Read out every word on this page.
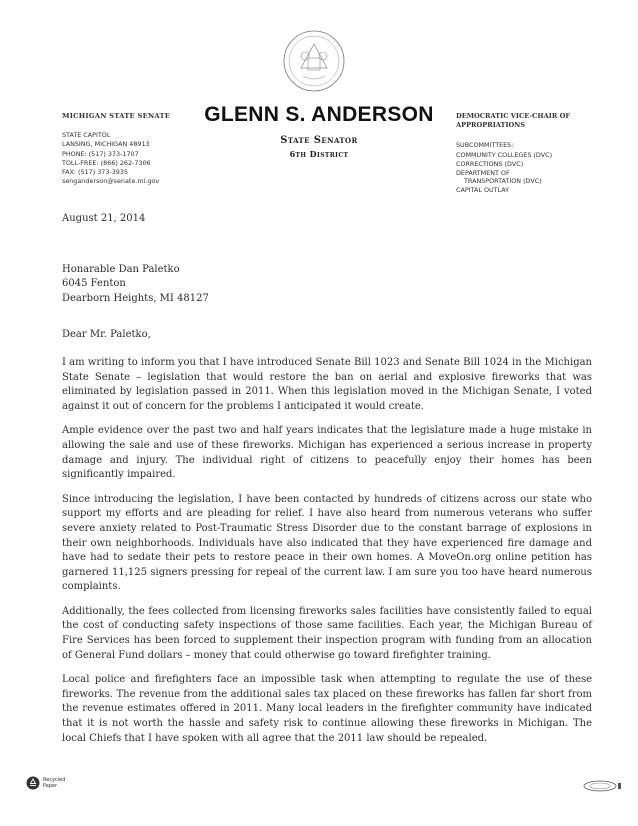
MICHIGAN STATE SENATE
STATE CAPITOL
LANSING, MICHIGAN 48913
PHONE: (517) 373-1707
TOLL-FREE: (866) 262-7306
FAX: (517) 373-3935
senganderson@senate.mi.gov
GLENN S. ANDERSON
State Senator
6th District
DEMOCRATIC VICE-CHAIR OF APPROPRIATIONS
SUBCOMMITTEES:
COMMUNITY COLLEGES (DVC)
CORRECTIONS (DVC)
DEPARTMENT OF
TRANSPORTATION (DVC)
CAPITAL OUTLAY
August 21, 2014
Honarable Dan Paletko
6045 Fenton
Dearborn Heights, MI 48127
Dear Mr. Paletko,

I am writing to inform you that I have introduced Senate Bill 1023 and Senate Bill 1024 in the Michigan State Senate – legislation that would restore the ban on aerial and explosive fireworks that was eliminated by legislation passed in 2011. When this legislation moved in the Michigan Senate, I voted against it out of concern for the problems I anticipated it would create.

Ample evidence over the past two and half years indicates that the legislature made a huge mistake in allowing the sale and use of these fireworks. Michigan has experienced a serious increase in property damage and injury. The individual right of citizens to peacefully enjoy their homes has been significantly impaired.

Since introducing the legislation, I have been contacted by hundreds of citizens across our state who support my efforts and are pleading for relief. I have also heard from numerous veterans who suffer severe anxiety related to Post-Traumatic Stress Disorder due to the constant barrage of explosions in their own neighborhoods. Individuals have also indicated that they have experienced fire damage and have had to sedate their pets to restore peace in their own homes. A MoveOn.org online petition has garnered 11,125 signers pressing for repeal of the current law. I am sure you too have heard numerous complaints.

Additionally, the fees collected from licensing fireworks sales facilities have consistently failed to equal the cost of conducting safety inspections of those same facilities. Each year, the Michigan Bureau of Fire Services has been forced to supplement their inspection program with funding from an allocation of General Fund dollars – money that could otherwise go toward firefighter training.

Local police and firefighters face an impossible task when attempting to regulate the use of these fireworks. The revenue from the additional sales tax placed on these fireworks has fallen far short from the revenue estimates offered in 2011. Many local leaders in the firefighter community have indicated that it is not worth the hassle and safety risk to continue allowing these fireworks in Michigan. The local Chiefs that I have spoken with all agree that the 2011 law should be repealed.

Recycled
Paper
